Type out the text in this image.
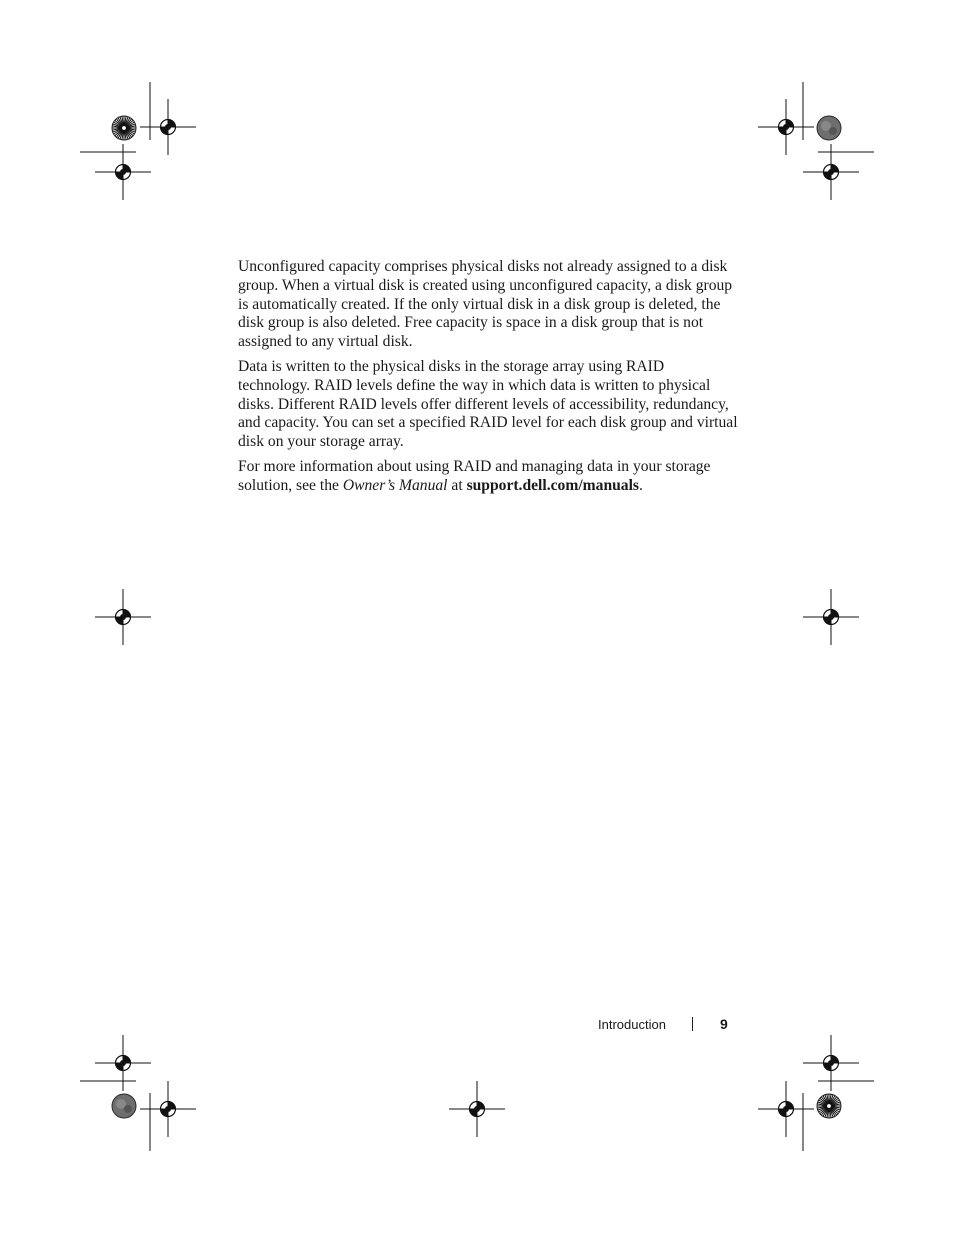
Unconfigured capacity comprises physical disks not already assigned to a disk group. When a virtual disk is created using unconfigured capacity, a disk group is automatically created. If the only virtual disk in a disk group is deleted, the disk group is also deleted. Free capacity is space in a disk group that is not assigned to any virtual disk.

Data is written to the physical disks in the storage array using RAID technology. RAID levels define the way in which data is written to physical disks. Different RAID levels offer different levels of accessibility, redundancy, and capacity. You can set a specified RAID level for each disk group and virtual disk on your storage array.

For more information about using RAID and managing data in your storage solution, see the Owner’s Manual at support.dell.com/manuals.

Introduction	9
